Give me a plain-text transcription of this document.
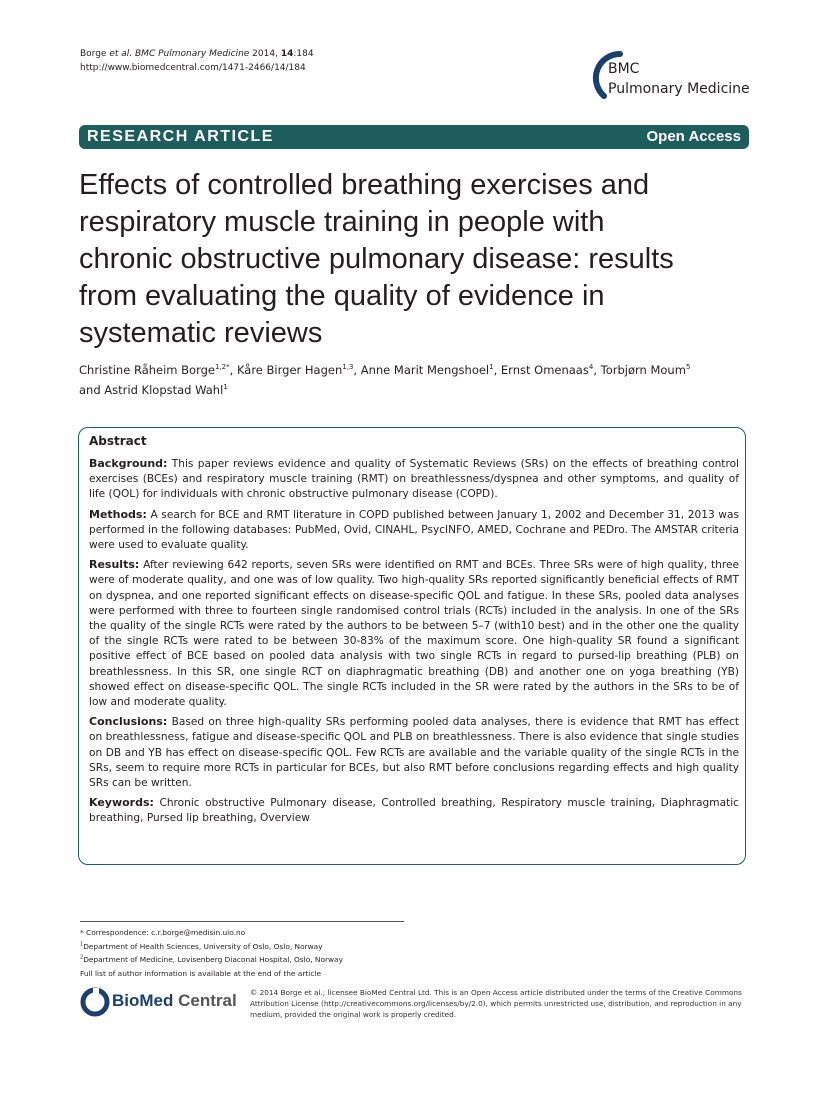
Borge et al. BMC Pulmonary Medicine 2014, 14:184
http://www.biomedcentral.com/1471-2466/14/184	BMC
Pulmonary Medicine
RESEARCH ARTICLE	Open Access
Effects of controlled breathing exercises and
respiratory muscle training in people with
chronic obstructive pulmonary disease: results
from evaluating the quality of evidence in
systematic reviews
Christine Råheim Borge$^{1,2*}$, Kåre Birger Hagen$^{1,3}$, Anne Marit Mengshoel$^1$, Ernst Omenaas$^4$, Torbjørn Moum$^5$
and Astrid Klopstad Wahl$^1$
Abstract

Background: This paper reviews evidence and quality of Systematic Reviews (SRs) on the effects of breathing control exercises (BCEs) and respiratory muscle training (RMT) on breathlessness/dyspnea and other symptoms, and quality of life (QOL) for individuals with chronic obstructive pulmonary disease (COPD).

Methods: A search for BCE and RMT literature in COPD published between January 1, 2002 and December 31, 2013 was performed in the following databases: PubMed, Ovid, CINAHL, PsycINFO, AMED, Cochrane and PEDro. The AMSTAR criteria were used to evaluate quality.

Results: After reviewing 642 reports, seven SRs were identified on RMT and BCEs. Three SRs were of high quality, three were of moderate quality, and one was of low quality. Two high-quality SRs reported significantly beneficial effects of RMT on dyspnea, and one reported significant effects on disease-specific QOL and fatigue. In these SRs, pooled data analyses were performed with three to fourteen single randomised control trials (RCTs) included in the analysis. In one of the SRs the quality of the single RCTs were rated by the authors to be between 5–7 (with10 best) and in the other one the quality of the single RCTs were rated to be between 30-83% of the maximum score. One high-quality SR found a significant positive effect of BCE based on pooled data analysis with two single RCTs in regard to pursed-lip breathing (PLB) on breathlessness. In this SR, one single RCT on diaphragmatic breathing (DB) and another one on yoga breathing (YB) showed effect on disease-specific QOL. The single RCTs included in the SR were rated by the authors in the SRs to be of low and moderate quality.

Conclusions: Based on three high-quality SRs performing pooled data analyses, there is evidence that RMT has effect on breathlessness, fatigue and disease-specific QOL and PLB on breathlessness. There is also evidence that single studies on DB and YB has effect on disease-specific QOL. Few RCTs are available and the variable quality of the single RCTs in the SRs, seem to require more RCTs in particular for BCEs, but also RMT before conclusions regarding effects and high quality SRs can be written.

Keywords: Chronic obstructive Pulmonary disease, Controlled breathing, Respiratory muscle training, Diaphragmatic breathing, Pursed lip breathing, Overview

* Correspondence: c.r.borge@medisin.uio.no
$^1$Department of Health Sciences, University of Oslo, Oslo, Norway
$^2$Department of Medicine, Lovisenberg Diaconal Hospital, Oslo, Norway
Full list of author information is available at the end of the article
BioMed Central © 2014 Borge et al.; licensee BioMed Central Ltd. This is an Open Access article distributed under the terms of the Creative Commons Attribution License (http://creativecommons.org/licenses/by/2.0), which permits unrestricted use, distribution, and reproduction in any medium, provided the original work is properly credited.
